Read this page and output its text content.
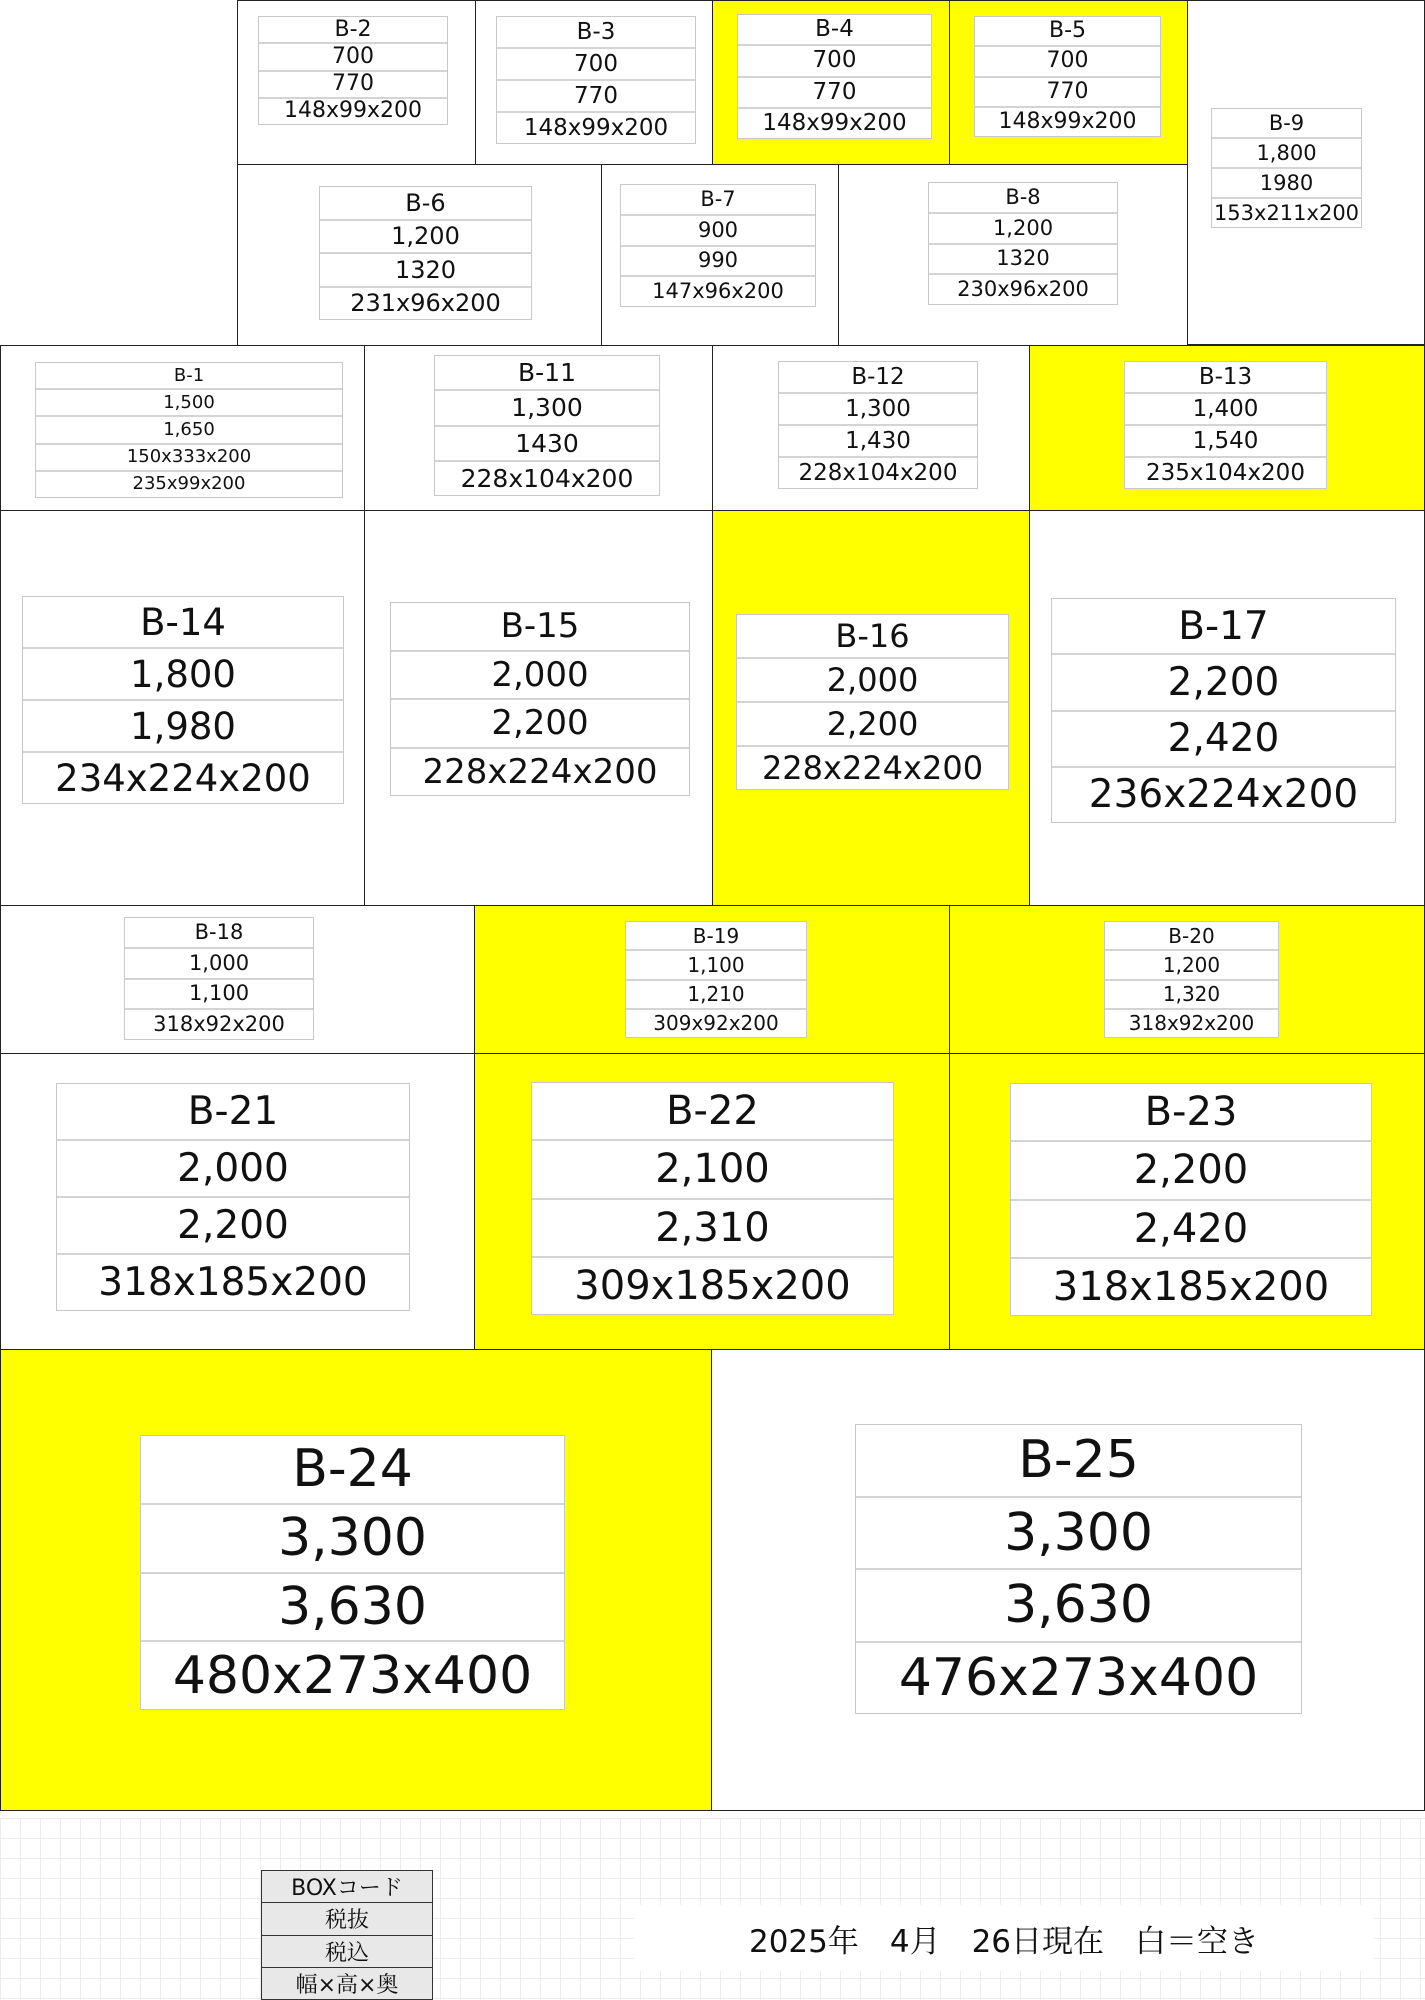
B-2
700
770
148x99x200
B-3
700
770
148x99x200
B-4
700
770
148x99x200
B-5
700
770
148x99x200	B-9
1,800
1980
153x211x200
B-6
1,200
1320
231x96x200
B-7
900
990
147x96x200
B-8
1,200
1320
230x96x200
B-1
1,500
1,650
150x333x200
235x99x200
B-11
1,300
1430
228x104x200
B-12
1,300
1,430
228x104x200
B-13
1,400
1,540
235x104x200
B-14
1,800
1,980
234x224x200
B-15
2,000
2,200
228x224x200
B-16
2,000
2,200
228x224x200
B-17
2,200
2,420
236x224x200
B-18
1,000
1,100
318x92x200
B-19
1,100
1,210
309x92x200
B-20
1,200
1,320
318x92x200
B-21
2,000
2,200
318x185x200
B-22
2,100
2,310
309x185x200
B-23
2,200
2,420
318x185x200
B-24
3,300
3,630
480x273x400
B-25
3,300
3,630
476x273x400
BOXコード
税抜
税込
幅×高×奥
2025年　4月　26日現在　白＝空き
